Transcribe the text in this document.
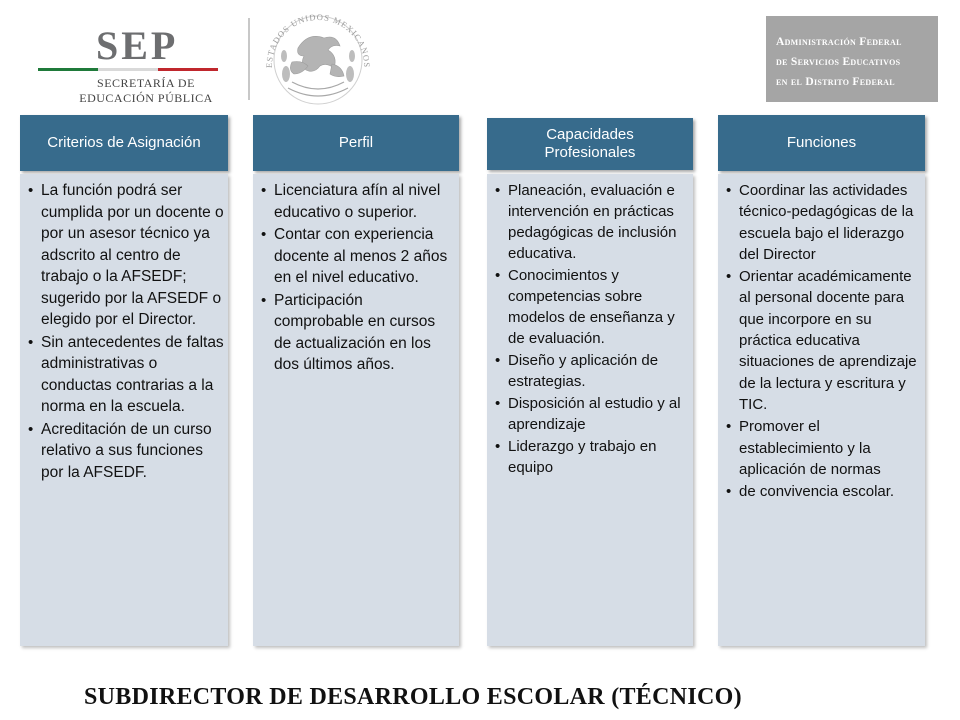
SEP
SECRETARÍA DE
EDUCACIÓN PÚBLICA
ESTADOS UNIDOS MEXICANOS
Administración Federal
de Servicios Educativos
en el Distrito Federal
Criterios de Asignación
• La función podrá ser cumplida por un docente o por un asesor técnico ya adscrito al centro de trabajo o la AFSEDF; sugerido por la AFSEDF o elegido por el Director.
• Sin antecedentes de faltas administrativas o conductas contrarias a la norma en la escuela.
• Acreditación de un curso relativo a sus funciones por la AFSEDF.
Perfil
• Licenciatura afín al nivel educativo o superior.
• Contar con experiencia docente al menos 2 años en el nivel educativo.
• Participación comprobable en cursos de actualización en los dos últimos años.
Capacidades
Profesionales
• Planeación, evaluación e intervención en prácticas pedagógicas de inclusión educativa.
• Conocimientos y competencias sobre modelos de enseñanza y de evaluación.
• Diseño y aplicación de estrategias.
• Disposición al estudio y al aprendizaje
• Liderazgo y trabajo en equipo
Funciones
• Coordinar las actividades técnico-pedagógicas de la escuela bajo el liderazgo del Director
• Orientar académicamente al personal docente para que incorpore en su práctica educativa situaciones de aprendizaje de la lectura y escritura y TIC.
• Promover el establecimiento y la aplicación de normas
• de convivencia escolar.
SUBDIRECTOR DE DESARROLLO ESCOLAR (TÉCNICO)
